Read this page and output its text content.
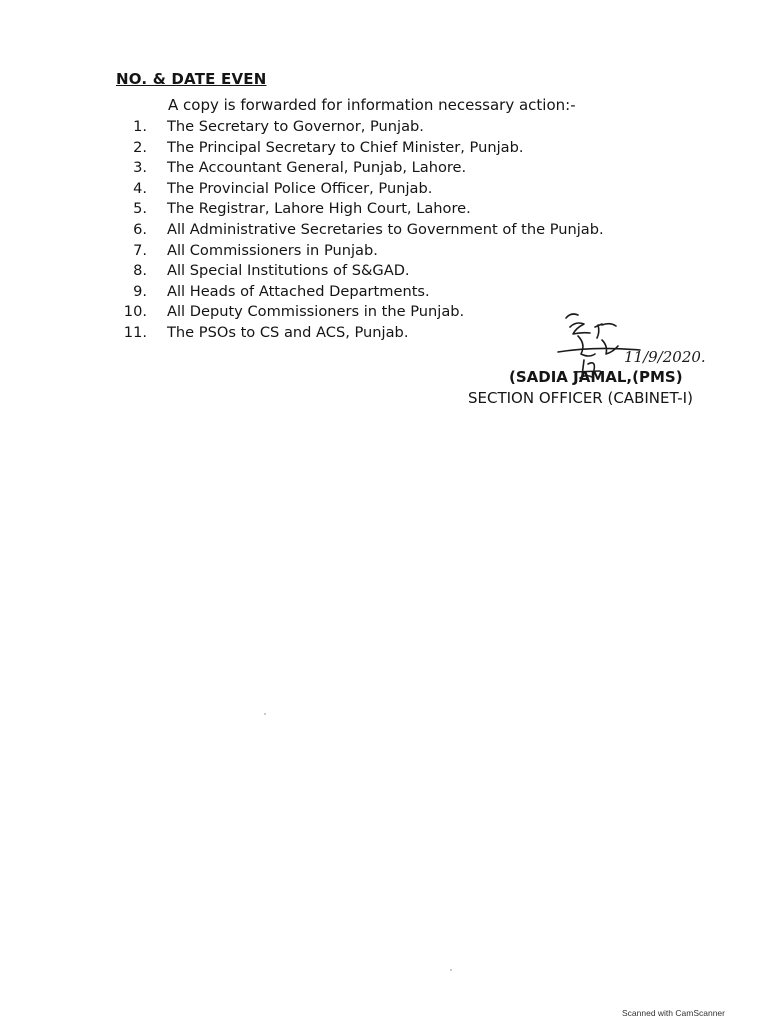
NO. & DATE EVEN
A copy is forwarded for information necessary action:-
1. The Secretary to Governor, Punjab.
2. The Principal Secretary to Chief Minister, Punjab.
3. The Accountant General, Punjab, Lahore.
4. The Provincial Police Officer, Punjab.
5. The Registrar, Lahore High Court, Lahore.
6. All Administrative Secretaries to Government of the Punjab.
7. All Commissioners in Punjab.
8. All Special Institutions of S&GAD.
9. All Heads of Attached Departments.
10. All Deputy Commissioners in the Punjab.
11. The PSOs to CS and ACS, Punjab.
11/9/2020.
(SADIA JAMAL,(PMS)
SECTION OFFICER (CABINET-I)
Scanned with CamScanner
